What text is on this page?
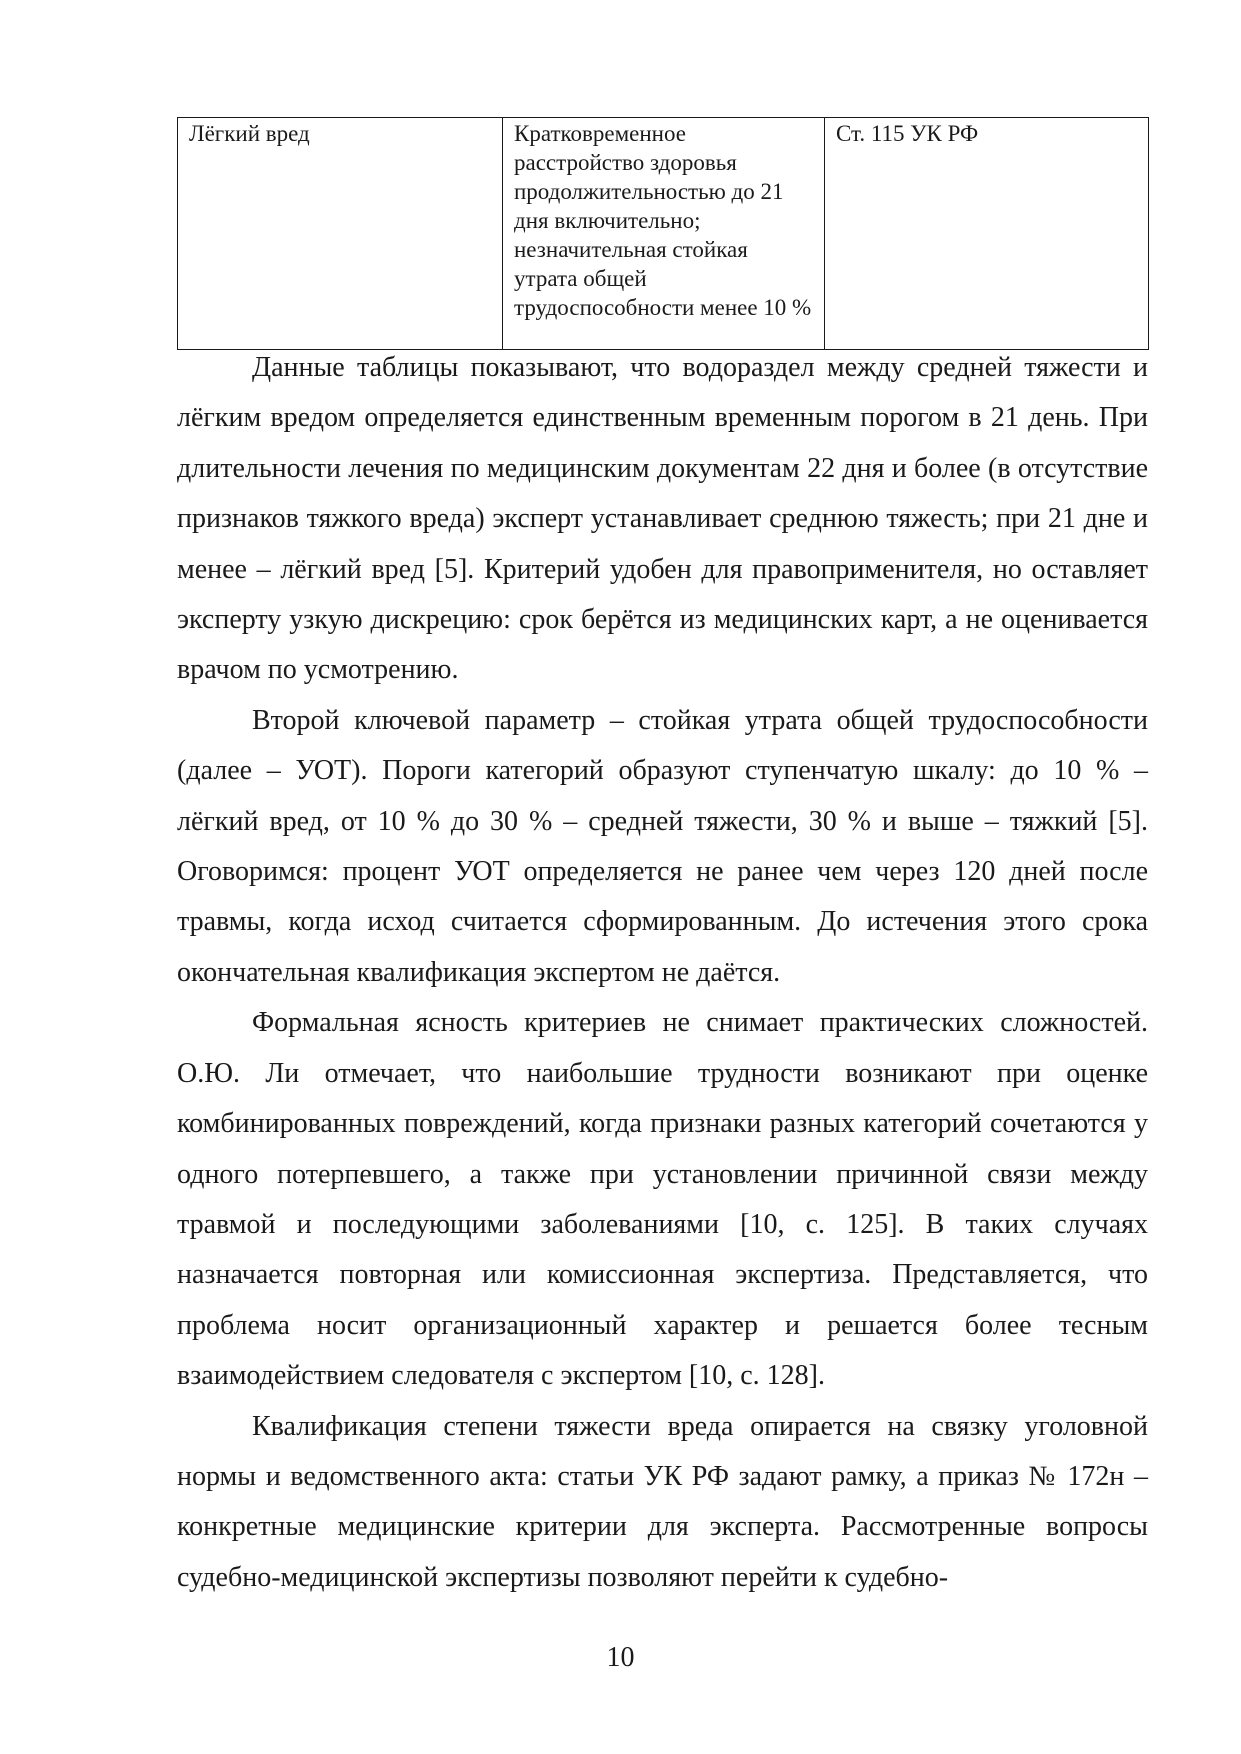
Лёгкий вред	Кратковременное расстройство здоровья продолжительностью до 21 дня включительно; незначительная стойкая утрата общей трудоспособности менее 10 %	Ст. 115 УК РФ

Данные таблицы показывают, что водораздел между средней тяжести и лёгким вредом определяется единственным временным порогом в 21 день. При длительности лечения по медицинским документам 22 дня и более (в отсутствие признаков тяжкого вреда) эксперт устанавливает среднюю тяжесть; при 21 дне и менее – лёгкий вред [5]. Критерий удобен для правоприменителя, но оставляет эксперту узкую дискрецию: срок берётся из медицинских карт, а не оценивается врачом по усмотрению.

Второй ключевой параметр – стойкая утрата общей трудоспособности (далее – УОТ). Пороги категорий образуют ступенчатую шкалу: до 10 % – лёгкий вред, от 10 % до 30 % – средней тяжести, 30 % и выше – тяжкий [5]. Оговоримся: процент УОТ определяется не ранее чем через 120 дней после травмы, когда исход считается сформированным. До истечения этого срока окончательная квалификация экспертом не даётся.

Формальная ясность критериев не снимает практических сложностей. О.Ю. Ли отмечает, что наибольшие трудности возникают при оценке комбинированных повреждений, когда признаки разных категорий сочетаются у одного потерпевшего, а также при установлении причинной связи между травмой и последующими заболеваниями [10, с. 125]. В таких случаях назначается повторная или комиссионная экспертиза. Представляется, что проблема носит организационный характер и решается более тесным взаимодействием следователя с экспертом [10, с. 128].

Квалификация степени тяжести вреда опирается на связку уголовной нормы и ведомственного акта: статьи УК РФ задают рамку, а приказ № 172н – конкретные медицинские критерии для эксперта. Рассмотренные вопросы судебно-медицинской экспертизы позволяют перейти к судебно-

10
